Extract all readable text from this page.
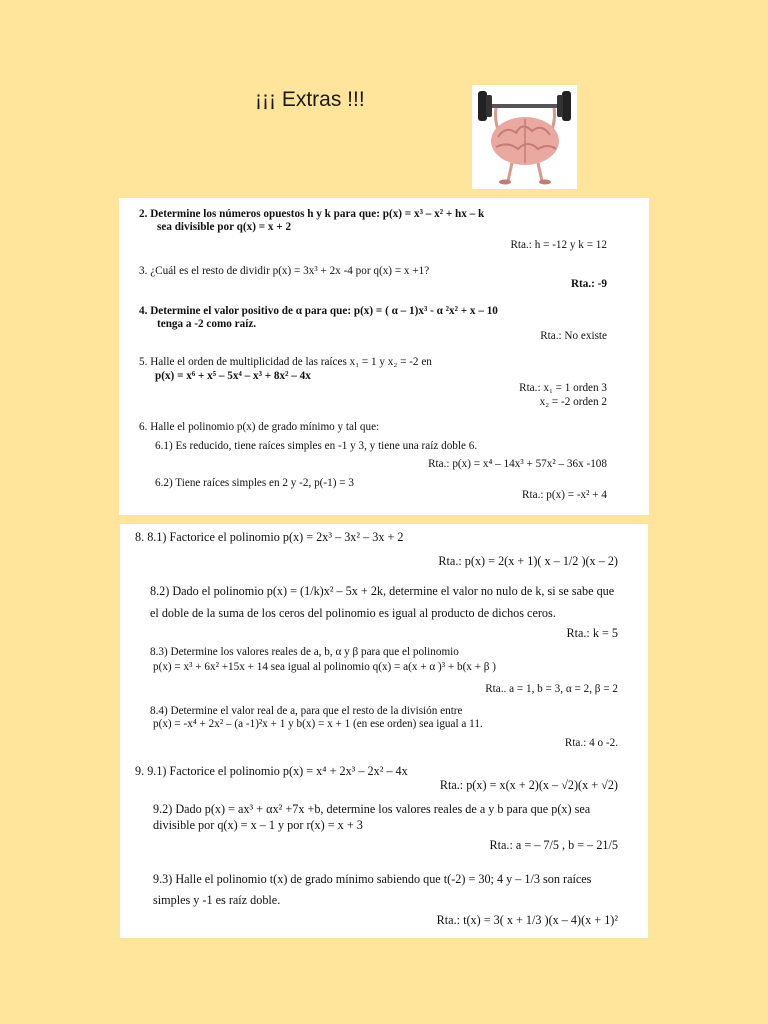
¡¡¡ Extras !!!
2. Determine los números opuestos h y k para que: p(x) = x³ – x² + hx – k
sea divisible por q(x) = x + 2
Rta.: h = -12 y k = 12
3. ¿Cuál es el resto de dividir p(x) = 3x³ + 2x -4 por q(x) = x +1?
Rta.: -9
4. Determine el valor positivo de α para que: p(x) = ( α – 1)x³ - α ²x² + x – 10
tenga a -2 como raíz.
Rta.: No existe
5. Halle el orden de multiplicidad de las raíces x₁ = 1 y x₂ = -2 en
p(x) = x⁶ + x⁵ – 5x⁴ – x³ + 8x² – 4x
Rta.: x₁ = 1 orden 3
x₂ = -2 orden 2
6. Halle el polinomio p(x) de grado mínimo y tal que:
6.1) Es reducido, tiene raíces simples en -1 y 3, y tiene una raíz doble 6.
Rta.: p(x) = x⁴ – 14x³ + 57x² – 36x -108
6.2) Tiene raíces simples en 2 y -2, p(-1) = 3
Rta.: p(x) = -x² + 4
8. 8.1) Factorice el polinomio p(x) = 2x³ – 3x² – 3x + 2
Rta.: p(x) = 2(x + 1)( x – 1/2 )(x – 2)
8.2) Dado el polinomio p(x) = (1/k)x² – 5x + 2k, determine el valor no nulo de k, si se sabe que
el doble de la suma de los ceros del polinomio es igual al producto de dichos ceros.
Rta.: k = 5
8.3) Determine los valores reales de a, b, α y β para que el polinomio
p(x) = x³ + 6x² +15x + 14 sea igual al polinomio q(x) = a(x + α )³ + b(x + β )
Rta.. a = 1, b = 3, α = 2, β = 2
8.4) Determine el valor real de a, para que el resto de la división entre
p(x) = -x⁴ + 2x² – (a -1)²x + 1 y b(x) = x + 1 (en ese orden) sea igual a 11.
Rta.: 4 o -2.
9. 9.1) Factorice el polinomio p(x) = x⁴ + 2x³ – 2x² – 4x
Rta.: p(x) = x(x + 2)(x – √2)(x + √2)
9.2) Dado p(x) = ax³ + αx² +7x +b, determine los valores reales de a y b para que p(x) sea
divisible por q(x) = x – 1 y por r(x) = x + 3
Rta.: a = – 7/5 , b = – 21/5
9.3) Halle el polinomio t(x) de grado mínimo sabiendo que t(-2) = 30; 4 y – 1/3 son raíces
simples y -1 es raíz doble.
Rta.: t(x) = 3( x + 1/3 )(x – 4)(x + 1)²
